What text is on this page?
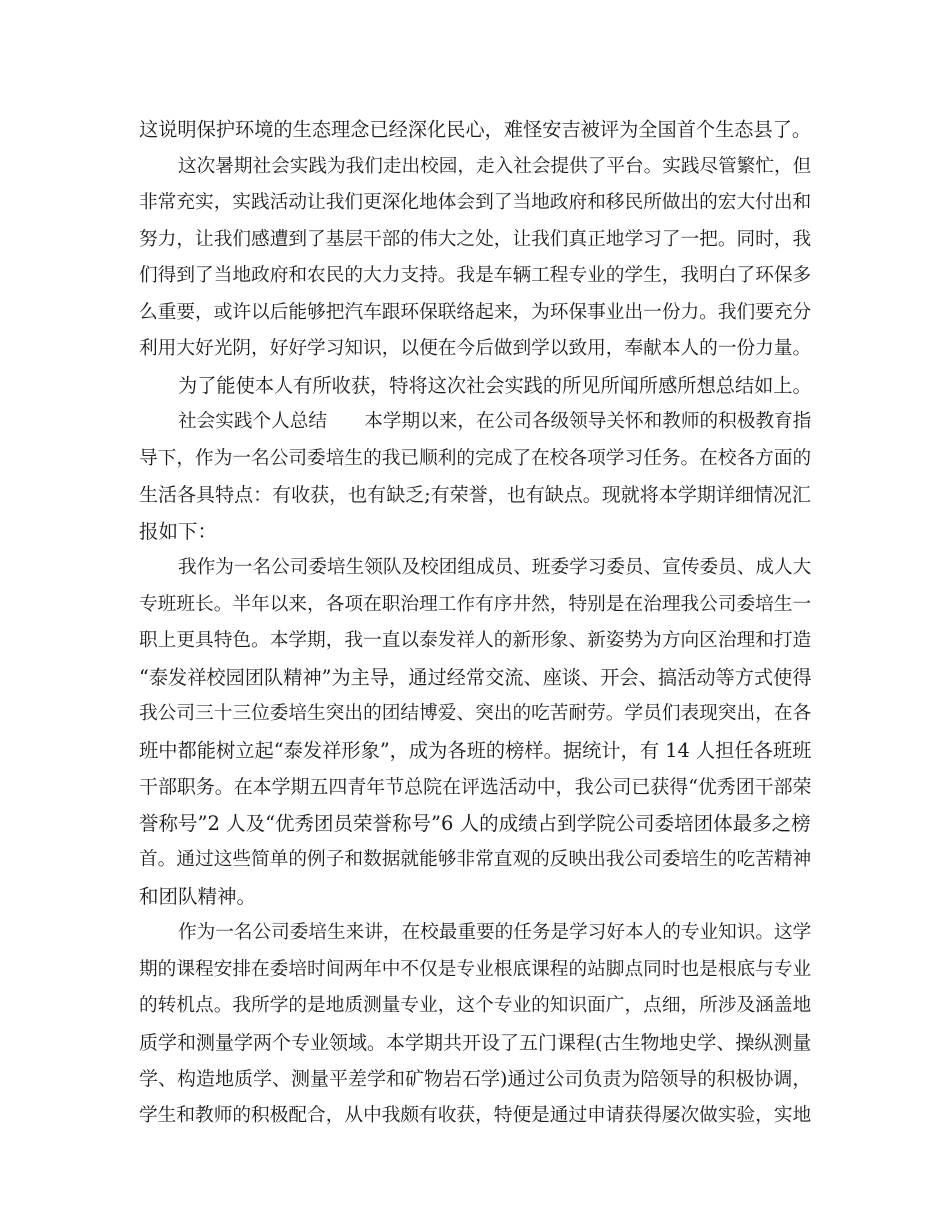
这说明保护环境的生态理念已经深化民心，难怪安吉被评为全国首个生态县了。
这次暑期社会实践为我们走出校园，走入社会提供了平台。实践尽管繁忙，但
非常充实，实践活动让我们更深化地体会到了当地政府和移民所做出的宏大付出和
努力，让我们感遭到了基层干部的伟大之处，让我们真正地学习了一把。同时，我
们得到了当地政府和农民的大力支持。我是车辆工程专业的学生，我明白了环保多
么重要，或许以后能够把汽车跟环保联络起来，为环保事业出一份力。我们要充分
利用大好光阴，好好学习知识，以便在今后做到学以致用，奉献本人的一份力量。
为了能使本人有所收获，特将这次社会实践的所见所闻所感所想总结如上。
社会实践个人总结　　本学期以来，在公司各级领导关怀和教师的积极教育指
导下，作为一名公司委培生的我已顺利的完成了在校各项学习任务。在校各方面的
生活各具特点：有收获，也有缺乏;有荣誉，也有缺点。现就将本学期详细情况汇
报如下：
我作为一名公司委培生领队及校团组成员、班委学习委员、宣传委员、成人大
专班班长。半年以来，各项在职治理工作有序井然，特别是在治理我公司委培生一
职上更具特色。本学期，我一直以泰发祥人的新形象、新姿势为方向区治理和打造
“泰发祥校园团队精神”为主导，通过经常交流、座谈、开会、搞活动等方式使得
我公司三十三位委培生突出的团结博爱、突出的吃苦耐劳。学员们表现突出，在各
班中都能树立起“泰发祥形象”，成为各班的榜样。据统计，有 14 人担任各班班
干部职务。在本学期五四青年节总院在评选活动中，我公司已获得“优秀团干部荣
誉称号”2 人及“优秀团员荣誉称号”6 人的成绩占到学院公司委培团体最多之榜
首。通过这些简单的例子和数据就能够非常直观的反映出我公司委培生的吃苦精神
和团队精神。
作为一名公司委培生来讲，在校最重要的任务是学习好本人的专业知识。这学
期的课程安排在委培时间两年中不仅是专业根底课程的站脚点同时也是根底与专业
的转机点。我所学的是地质测量专业，这个专业的知识面广，点细，所涉及涵盖地
质学和测量学两个专业领域。本学期共开设了五门课程(古生物地史学、操纵测量
学、构造地质学、测量平差学和矿物岩石学)通过公司负责为陪领导的积极协调，
学生和教师的积极配合，从中我颇有收获，特便是通过申请获得屡次做实验，实地
